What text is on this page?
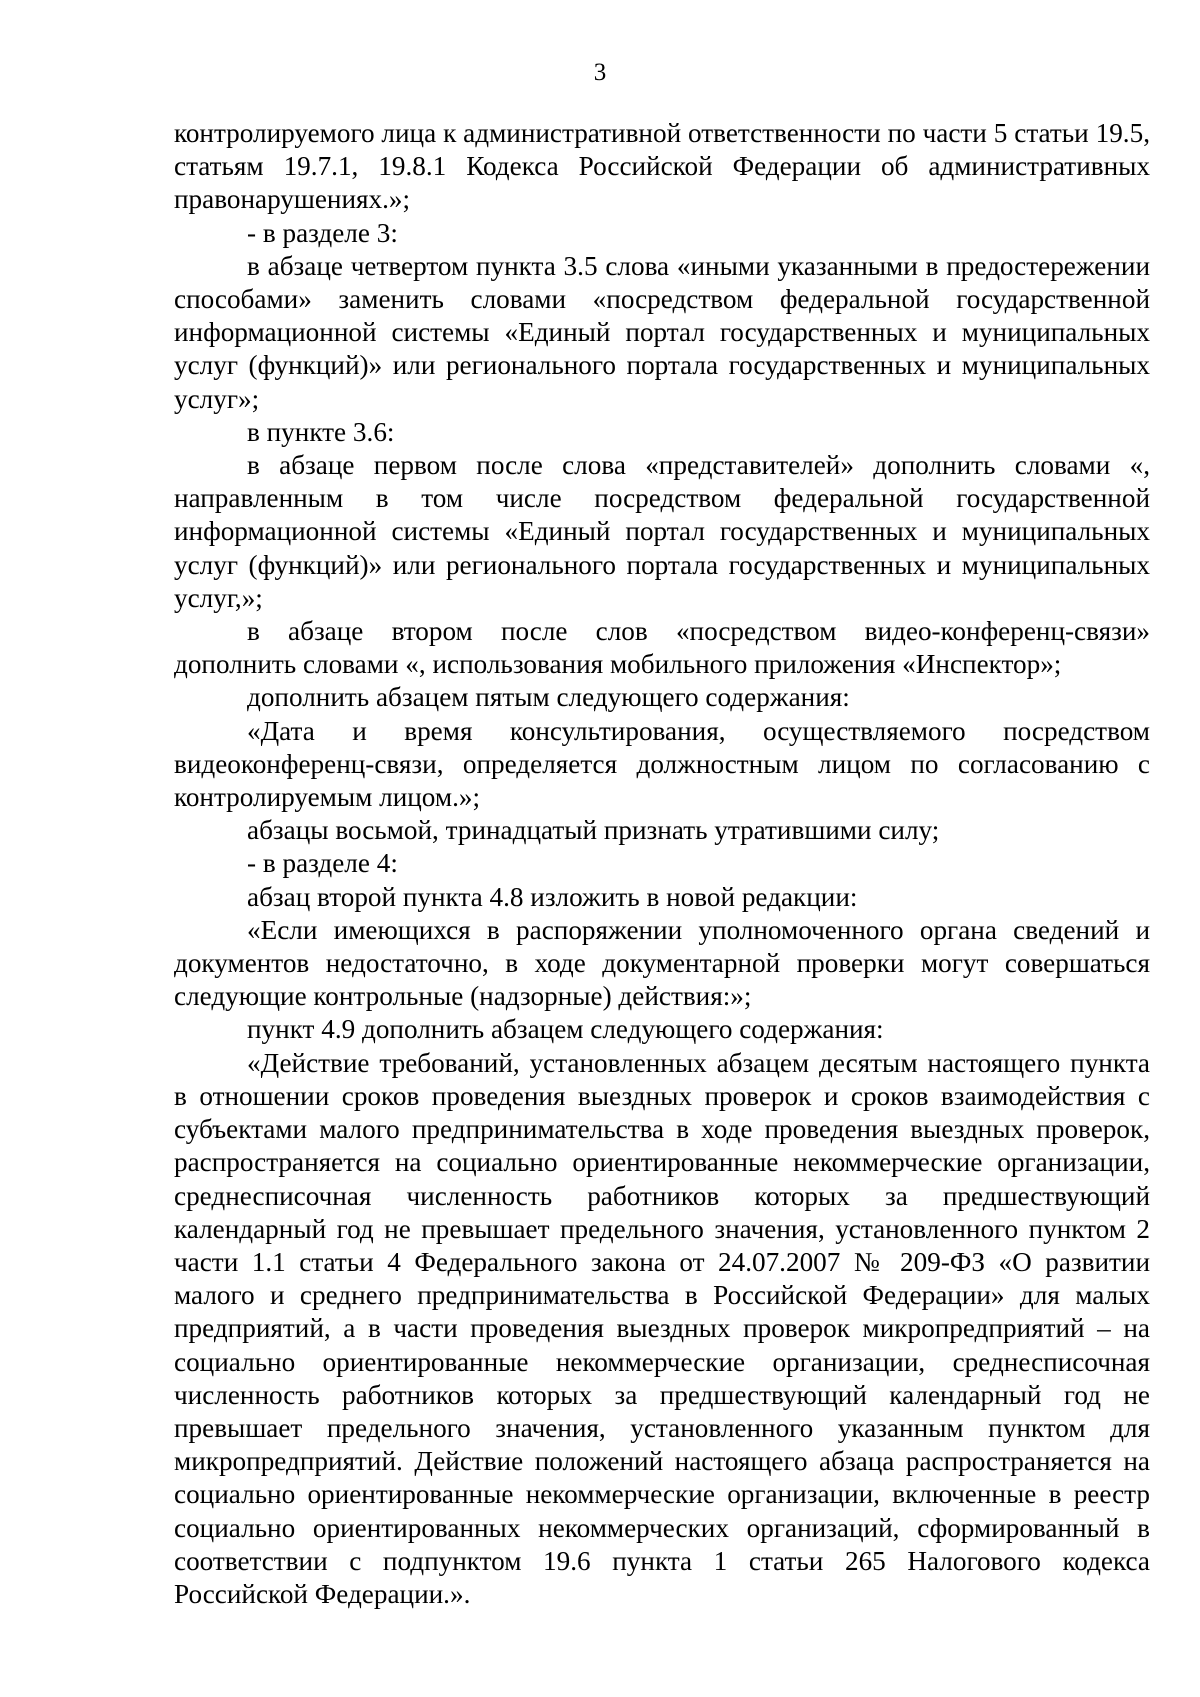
3

контролируемого лица к административной ответственности по части 5 статьи 19.5, статьям 19.7.1, 19.8.1 Кодекса Российской Федерации об административных правонарушениях.»;

- в разделе 3:

в абзаце четвертом пункта 3.5 слова «иными указанными в предостережении способами» заменить словами «посредством федеральной государственной информационной системы «Единый портал государственных и муниципальных услуг (функций)» или регионального портала государственных и муниципальных услуг»;

в пункте 3.6:

в абзаце первом после слова «представителей» дополнить словами «, направленным в том числе посредством федеральной государственной информационной системы «Единый портал государственных и муниципальных услуг (функций)» или регионального портала государственных и муниципальных услуг,»;

в абзаце втором после слов «посредством видео-конференц-связи» дополнить словами «, использования мобильного приложения «Инспектор»;

дополнить абзацем пятым следующего содержания:

«Дата и время консультирования, осуществляемого посредством видеоконференц-связи, определяется должностным лицом по согласованию с контролируемым лицом.»;

абзацы восьмой, тринадцатый признать утратившими силу;

- в разделе 4:

абзац второй пункта 4.8 изложить в новой редакции:

«Если имеющихся в распоряжении уполномоченного органа сведений и документов недостаточно, в ходе документарной проверки могут совершаться следующие контрольные (надзорные) действия:»;

пункт 4.9 дополнить абзацем следующего содержания:

«Действие требований, установленных абзацем десятым настоящего пункта в отношении сроков проведения выездных проверок и сроков взаимодействия с субъектами малого предпринимательства в ходе проведения выездных проверок, распространяется на социально ориентированные некоммерческие организации, среднесписочная численность работников которых за предшествующий календарный год не превышает предельного значения, установленного пунктом 2 части 1.1 статьи 4 Федерального закона от 24.07.2007 № 209-ФЗ «О развитии малого и среднего предпринимательства в Российской Федерации» для малых предприятий, а в части проведения выездных проверок микропредприятий – на социально ориентированные некоммерческие организации, среднесписочная численность работников которых за предшествующий календарный год не превышает предельного значения, установленного указанным пунктом для микропредприятий. Действие положений настоящего абзаца распространяется на социально ориентированные некоммерческие организации, включенные в реестр социально ориентированных некоммерческих организаций, сформированный в соответствии с подпунктом 19.6 пункта 1 статьи 265 Налогового кодекса Российской Федерации.».
